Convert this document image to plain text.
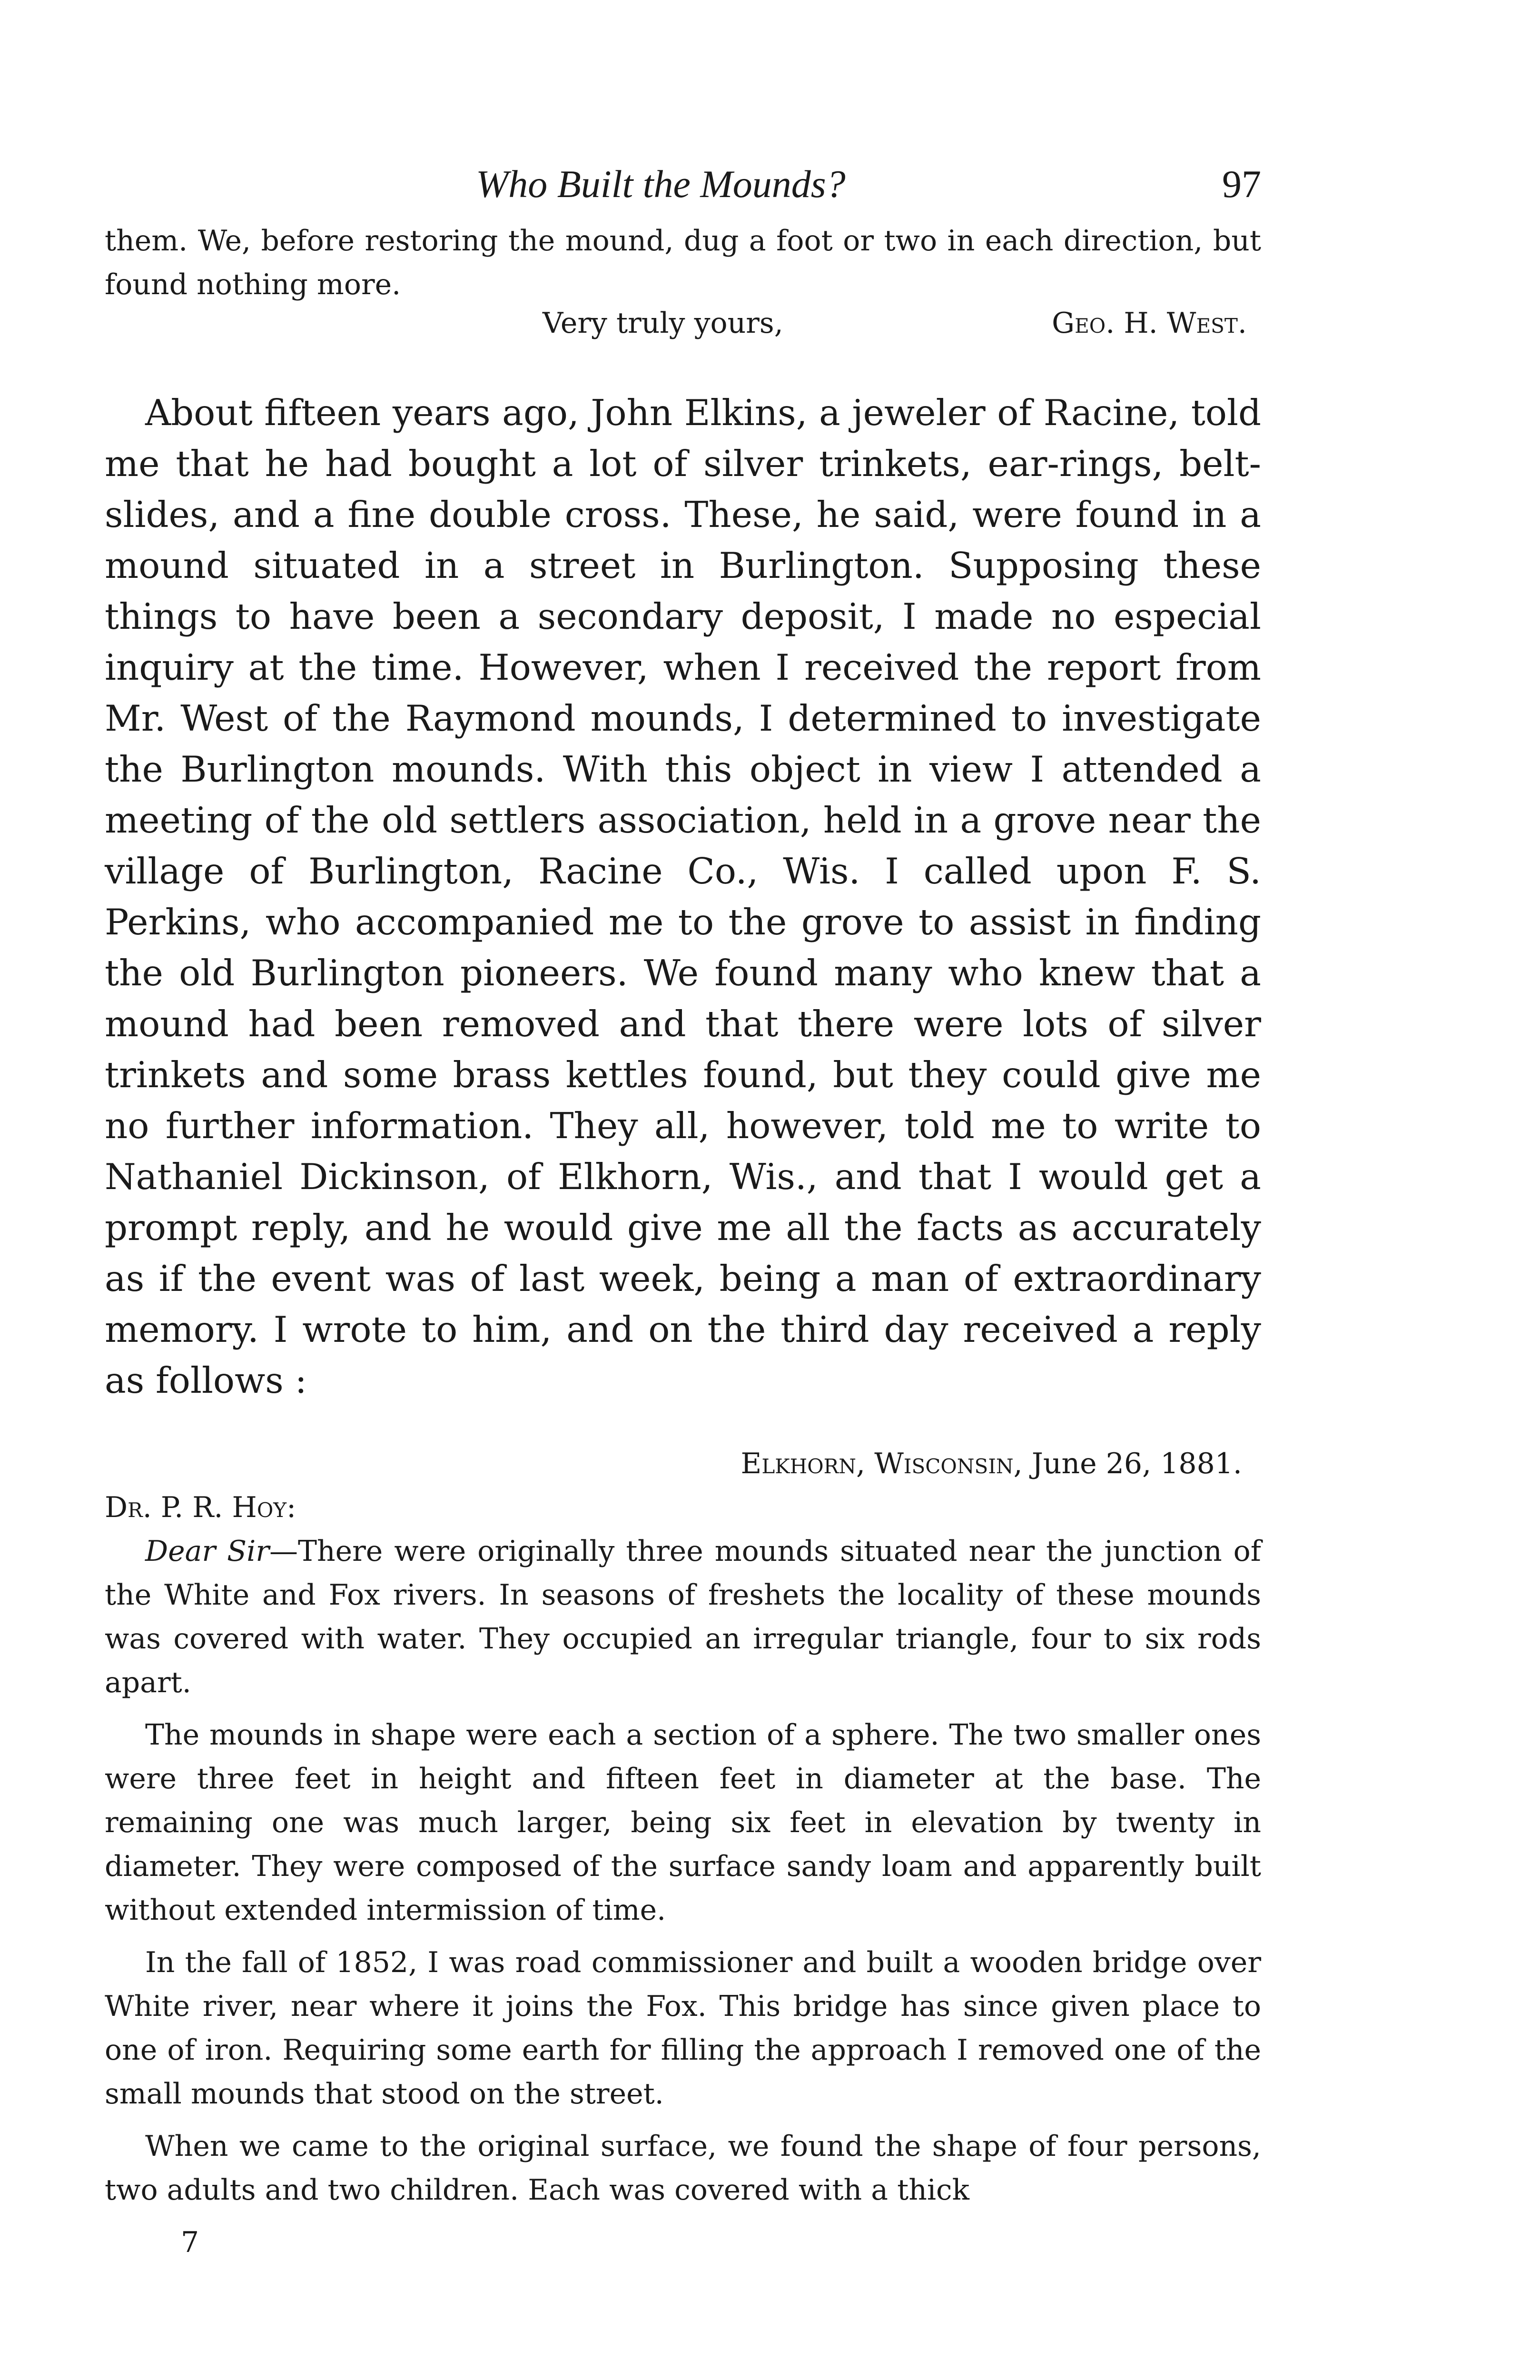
Who Built the Mounds?	97
them. We, before restoring the mound, dug a foot or two in each direction, but found nothing more.
Very truly yours,	Geo. H. West.

About fifteen years ago, John Elkins, a jeweler of Racine, told me that he had bought a lot of silver trinkets, ear-rings, belt-slides, and a fine double cross. These, he said, were found in a mound situated in a street in Burlington. Supposing these things to have been a secondary deposit, I made no especial inquiry at the time. However, when I received the report from Mr. West of the Raymond mounds, I determined to investigate the Burlington mounds. With this object in view I attended a meeting of the old settlers association, held in a grove near the village of Burlington, Racine Co., Wis. I called upon F. S. Perkins, who accompanied me to the grove to assist in finding the old Burlington pioneers. We found many who knew that a mound had been removed and that there were lots of silver trinkets and some brass kettles found, but they could give me no further information. They all, however, told me to write to Nathaniel Dickinson, of Elkhorn, Wis., and that I would get a prompt reply, and he would give me all the facts as accurately as if the event was of last week, being a man of extraordinary memory. I wrote to him, and on the third day received a reply as follows :

Elkhorn, Wisconsin, June 26, 1881.
Dr. P. R. Hoy:

Dear Sir—There were originally three mounds situated near the junction of the White and Fox rivers. In seasons of freshets the locality of these mounds was covered with water. They occupied an irregular triangle, four to six rods apart.

The mounds in shape were each a section of a sphere. The two smaller ones were three feet in height and fifteen feet in diameter at the base. The remaining one was much larger, being six feet in elevation by twenty in diameter. They were composed of the surface sandy loam and apparently built without extended intermission of time.

In the fall of 1852, I was road commissioner and built a wooden bridge over White river, near where it joins the Fox. This bridge has since given place to one of iron. Requiring some earth for filling the approach I removed one of the small mounds that stood on the street.

When we came to the original surface, we found the shape of four persons, two adults and two children. Each was covered with a thick

7
